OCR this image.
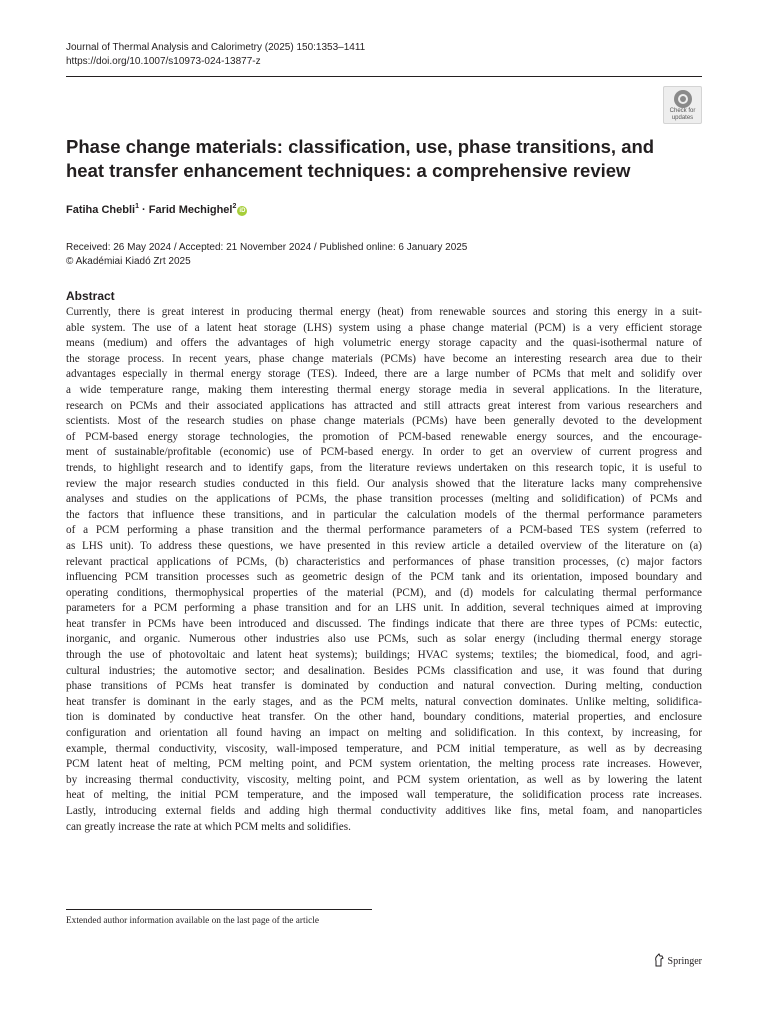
Journal of Thermal Analysis and Calorimetry (2025) 150:1353–1411
https://doi.org/10.1007/s10973-024-13877-z
Check for
updates
Phase change materials: classification, use, phase transitions, and heat transfer enhancement techniques: a comprehensive review
Fatiha Chebli$^1$ · Farid Mechighel$^2$iD
Received: 26 May 2024 / Accepted: 21 November 2024 / Published online: 6 January 2025
© Akadémiai Kiadó Zrt 2025
Abstract
Currently, there is great interest in producing thermal energy (heat) from renewable sources and storing this energy in a suit-
able system. The use of a latent heat storage (LHS) system using a phase change material (PCM) is a very efficient storage
means (medium) and offers the advantages of high volumetric energy storage capacity and the quasi-isothermal nature of
the storage process. In recent years, phase change materials (PCMs) have become an interesting research area due to their
advantages especially in thermal energy storage (TES). Indeed, there are a large number of PCMs that melt and solidify over
a wide temperature range, making them interesting thermal energy storage media in several applications. In the literature,
research on PCMs and their associated applications has attracted and still attracts great interest from various researchers and
scientists. Most of the research studies on phase change materials (PCMs) have been generally devoted to the development
of PCM-based energy storage technologies, the promotion of PCM-based renewable energy sources, and the encourage-
ment of sustainable/profitable (economic) use of PCM-based energy. In order to get an overview of current progress and
trends, to highlight research and to identify gaps, from the literature reviews undertaken on this research topic, it is useful to
review the major research studies conducted in this field. Our analysis showed that the literature lacks many comprehensive
analyses and studies on the applications of PCMs, the phase transition processes (melting and solidification) of PCMs and
the factors that influence these transitions, and in particular the calculation models of the thermal performance parameters
of a PCM performing a phase transition and the thermal performance parameters of a PCM-based TES system (referred to
as LHS unit). To address these questions, we have presented in this review article a detailed overview of the literature on (a)
relevant practical applications of PCMs, (b) characteristics and performances of phase transition processes, (c) major factors
influencing PCM transition processes such as geometric design of the PCM tank and its orientation, imposed boundary and
operating conditions, thermophysical properties of the material (PCM), and (d) models for calculating thermal performance
parameters for a PCM performing a phase transition and for an LHS unit. In addition, several techniques aimed at improving
heat transfer in PCMs have been introduced and discussed. The findings indicate that there are three types of PCMs: eutectic,
inorganic, and organic. Numerous other industries also use PCMs, such as solar energy (including thermal energy storage
through the use of photovoltaic and latent heat systems); buildings; HVAC systems; textiles; the biomedical, food, and agri-
cultural industries; the automotive sector; and desalination. Besides PCMs classification and use, it was found that during
phase transitions of PCMs heat transfer is dominated by conduction and natural convection. During melting, conduction
heat transfer is dominant in the early stages, and as the PCM melts, natural convection dominates. Unlike melting, solidifica-
tion is dominated by conductive heat transfer. On the other hand, boundary conditions, material properties, and enclosure
configuration and orientation all found having an impact on melting and solidification. In this context, by increasing, for
example, thermal conductivity, viscosity, wall-imposed temperature, and PCM initial temperature, as well as by decreasing
PCM latent heat of melting, PCM melting point, and PCM system orientation, the melting process rate increases. However,
by increasing thermal conductivity, viscosity, melting point, and PCM system orientation, as well as by lowering the latent
heat of melting, the initial PCM temperature, and the imposed wall temperature, the solidification process rate increases.
Lastly, introducing external fields and adding high thermal conductivity additives like fins, metal foam, and nanoparticles
can greatly increase the rate at which PCM melts and solidifies.
Extended author information available on the last page of the article
Springer
